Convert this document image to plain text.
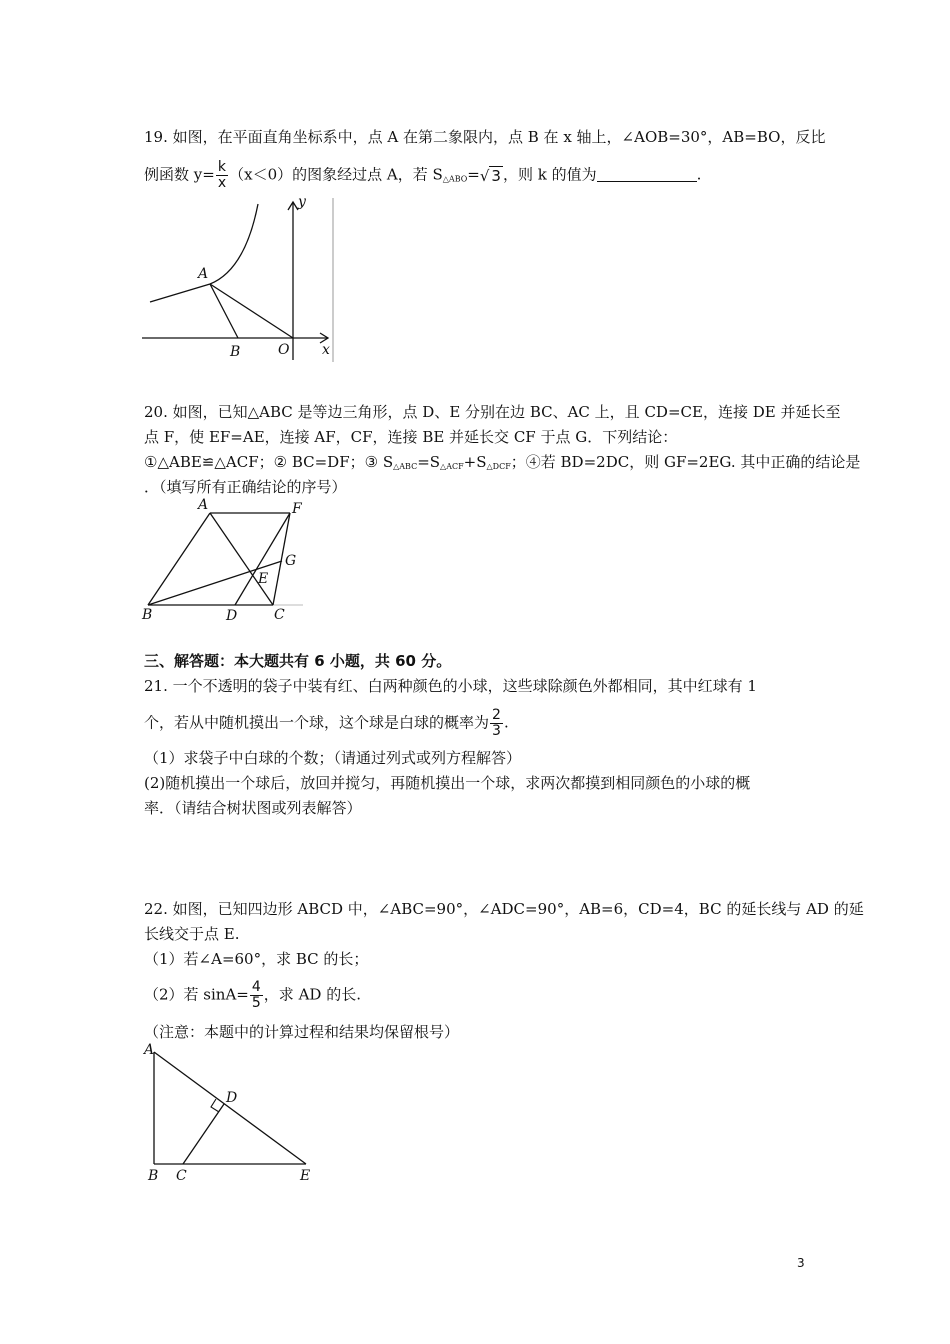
19. 如图，在平面直角坐标系中，点 A 在第二象限内，点 B 在 x 轴上，∠AOB=30°，AB=BO，反比
例函数 $y= \frac{k}{x} (x<0)$的图象经过点 A，若 $S_{\triangle ABO}=√$ 3 ，则 k 的值为	.
y
A
B	O x
20. 如图，已知△ABC 是等边三角形，点 D、E 分别在边 BC、AC 上，且 CD=CE，连接 DE 并延长至
点 F，使 EF=AE，连接 AF，CF，连接 BE 并延长交 CF 于点 G．下列结论：
①△ABE≌△ACF；② BC=DF；③ $S_{\triangle ABC}=S_{\triangle ACF}+S_{\triangle DCF}$；④若 BD=2DC，则 GF=2EG. 其中正确的结论是
．（填写所有正确结论的序号）
A	F
G
E
B	D	C
三、解答题：本大题共有 6 小题，共 60 分。
21. 一个不透明的袋子中装有红、白两种颜色的小球，这些球除颜色外都相同，其中红球有 1
个，若从中随机摸出一个球，这个球是白球的概率为 $\frac{2}{3}$ .
（1）求袋子中白球的个数；（请通过列式或列方程解答）
(2)随机摸出一个球后，放回并搅匀，再随机摸出一个球，求两次都摸到相同颜色的小球的概
率．（请结合树状图或列表解答）
22. 如图，已知四边形 ABCD 中，∠ABC=90°，∠ADC=90°，AB=6，CD=4，BC 的延长线与 AD 的延
长线交于点 E.
（1）若∠A=60°，求 BC 的长；
（2）若 $\sin A= \frac{4}{5}$ ，求 AD 的长.
（注意：本题中的计算过程和结果均保留根号）
A
D
B C	E
3
